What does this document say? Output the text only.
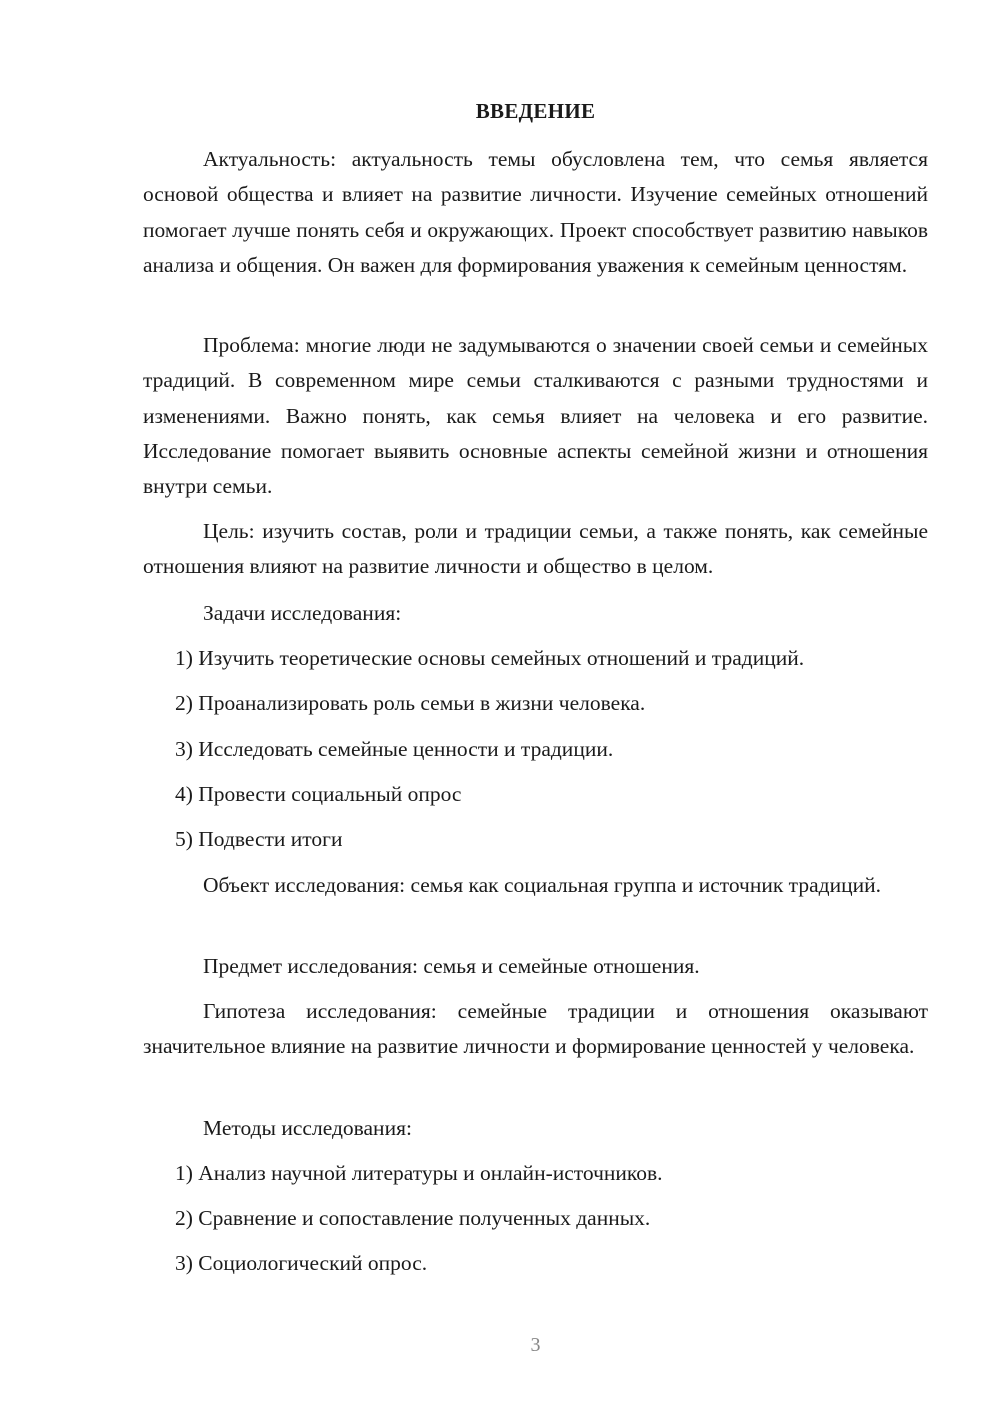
ВВЕДЕНИЕ

Актуальность: актуальность темы обусловлена тем, что семья является основой общества и влияет на развитие личности. Изучение семейных отношений помогает лучше понять себя и окружающих. Проект способствует развитию навыков анализа и общения. Он важен для формирования уважения к семейным ценностям.

Проблема: многие люди не задумываются о значении своей семьи и семейных традиций. В современном мире семьи сталкиваются с разными трудностями и изменениями. Важно понять, как семья влияет на человека и его развитие. Исследование помогает выявить основные аспекты семейной жизни и отношения внутри семьи.

Цель: изучить состав, роли и традиции семьи, а также понять, как семейные отношения влияют на развитие личности и общество в целом.

Задачи исследования:

1) Изучить теоретические основы семейных отношений и традиций.

2) Проанализировать роль семьи в жизни человека.

3) Исследовать семейные ценности и традиции.

4) Провести социальный опрос

5) Подвести итоги

Объект исследования: семья как социальная группа и источник традиций.

Предмет исследования: семья и семейные отношения.

Гипотеза исследования: семейные традиции и отношения оказывают значительное влияние на развитие личности и формирование ценностей у человека.

Методы исследования:

1) Анализ научной литературы и онлайн-источников.

2) Сравнение и сопоставление полученных данных.

3) Социологический опрос.

3
